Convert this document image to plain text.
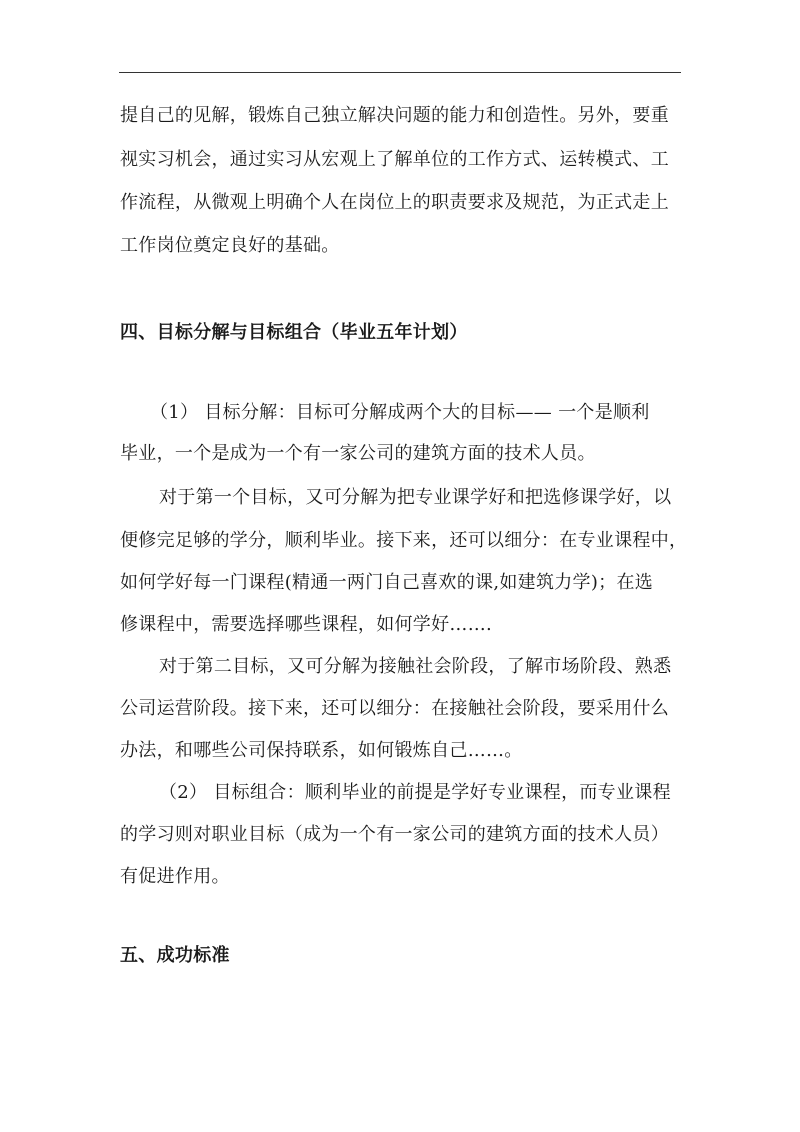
提自己的见解，锻炼自己独立解决问题的能力和创造性。另外，要重
视实习机会，通过实习从宏观上了解单位的工作方式、运转模式、工
作流程，从微观上明确个人在岗位上的职责要求及规范，为正式走上
工作岗位奠定良好的基础。
四、目标分解与目标组合（毕业五年计划）
（1） 目标分解：目标可分解成两个大的目标—— 一个是顺利
毕业，一个是成为一个有一家公司的建筑方面的技术人员。
对于第一个目标，又可分解为把专业课学好和把选修课学好，以
便修完足够的学分，顺利毕业。接下来，还可以细分：在专业课程中，
如何学好每一门课程(精通一两门自己喜欢的课,如建筑力学)；在选
修课程中，需要选择哪些课程，如何学好…….
对于第二目标，又可分解为接触社会阶段，了解市场阶段、熟悉
公司运营阶段。接下来，还可以细分：在接触社会阶段，要采用什么
办法，和哪些公司保持联系，如何锻炼自己……。
（2） 目标组合：顺利毕业的前提是学好专业课程，而专业课程
的学习则对职业目标（成为一个有一家公司的建筑方面的技术人员）
有促进作用。
五、成功标准
